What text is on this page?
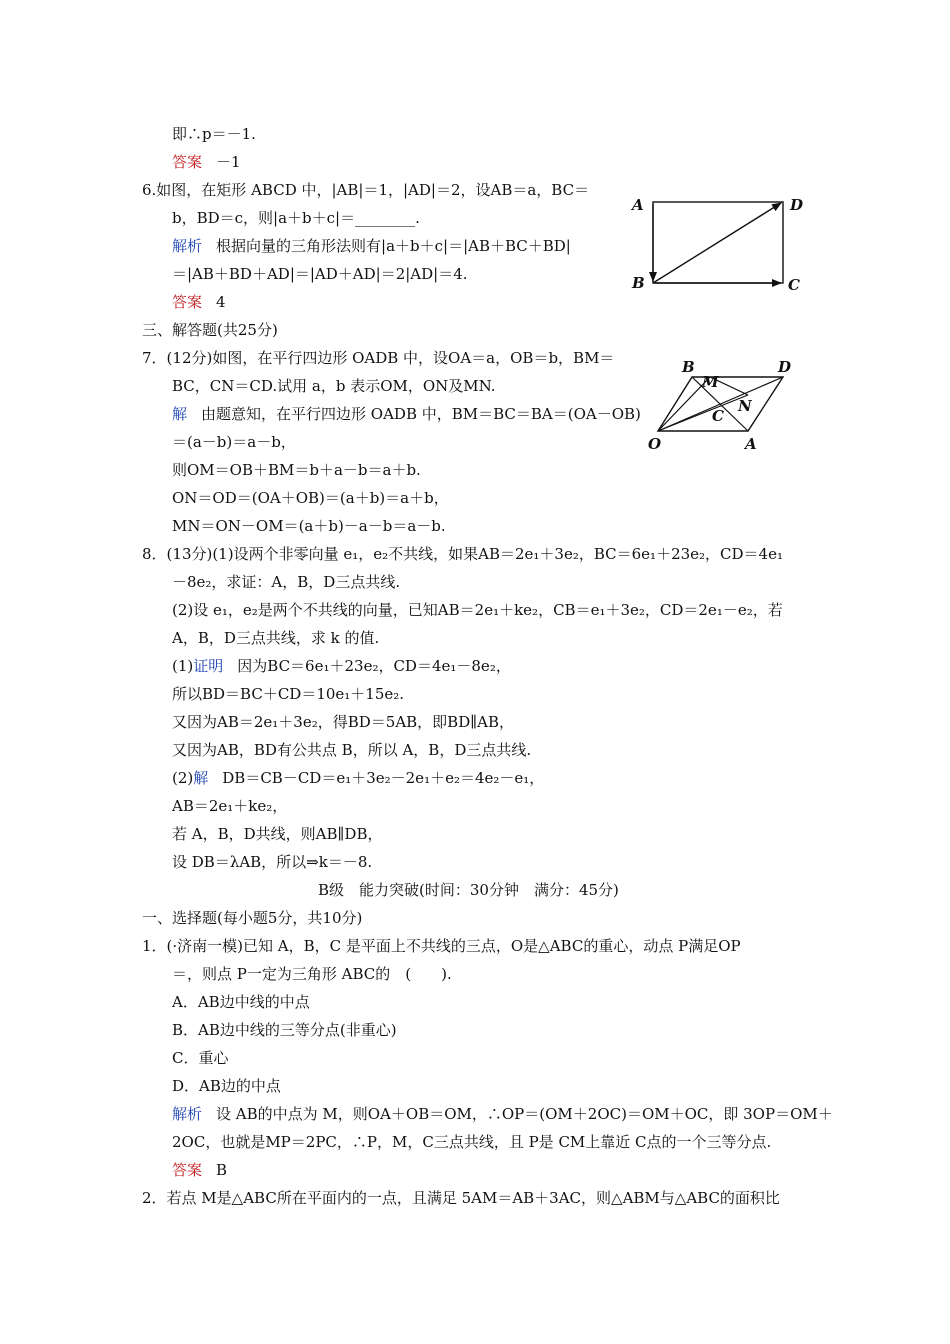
即∴p＝－1.
答案 －1
6.如图，在矩形 ABCD 中，|AB|＝1，|AD|＝2，设AB＝a，BC＝
b，BD＝c，则|a＋b＋c|＝________.
解析 根据向量的三角形法则有|a＋b＋c|＝|AB＋BC＋BD|
＝|AB＋BD＋AD|＝|AD＋AD|＝2|AD|＝4.
答案 4
A	D
B	C
三、解答题(共25分)
7．(12分)如图，在平行四边形 OADB 中，设OA＝a，OB＝b，BM＝
BC，CN＝CD.试用 a，b 表示OM，ON及MN.
解 由题意知，在平行四边形 OADB 中，BM＝BC＝BA＝(OA－OB)
＝(a－b)＝a－b，
则OM＝OB＋BM＝b＋a－b＝a＋b.
ON＝OD＝(OA＋OB)＝(a＋b)＝a＋b，
MN＝ON－OM＝(a＋b)－a－b＝a－b.
O	A
B	D
M
C
N
8．(13分)(1)设两个非零向量 e₁，e₂不共线，如果AB＝2e₁＋3e₂，BC＝6e₁＋23e₂，CD＝4e₁
－8e₂，求证：A，B，D三点共线.
(2)设 e₁，e₂是两个不共线的向量，已知AB＝2e₁＋ke₂，CB＝e₁＋3e₂，CD＝2e₁－e₂，若
A，B，D三点共线，求 k 的值.
(1)证明 因为BC＝6e₁＋23e₂，CD＝4e₁－8e₂，
所以BD＝BC＋CD＝10e₁＋15e₂.
又因为AB＝2e₁＋3e₂，得BD＝5AB，即BD∥AB，
又因为AB，BD有公共点 B，所以 A，B，D三点共线.
(2)解 DB＝CB－CD＝e₁＋3e₂－2e₁＋e₂＝4e₂－e₁，
AB＝2e₁＋ke₂，
若 A，B，D共线，则AB∥DB，
设 DB＝λAB，所以⇒k＝－8.
B级　能力突破(时间：30分钟　满分：45分)
一、选择题(每小题5分，共10分)
1．(·济南一模)已知 A，B，C 是平面上不共线的三点，O是△ABC的重心，动点 P满足OP
＝，则点 P一定为三角形 ABC的　(　　).
A．AB边中线的中点
B．AB边中线的三等分点(非重心)
C．重心
D．AB边的中点
解析 设 AB的中点为 M，则OA＋OB＝OM，∴OP＝(OM＋2OC)＝OM＋OC，即 3OP＝OM＋
2OC，也就是MP＝2PC，∴P，M，C三点共线，且 P是 CM上靠近 C点的一个三等分点.
答案 B
2．若点 M是△ABC所在平面内的一点，且满足 5AM＝AB＋3AC，则△ABM与△ABC的面积比
